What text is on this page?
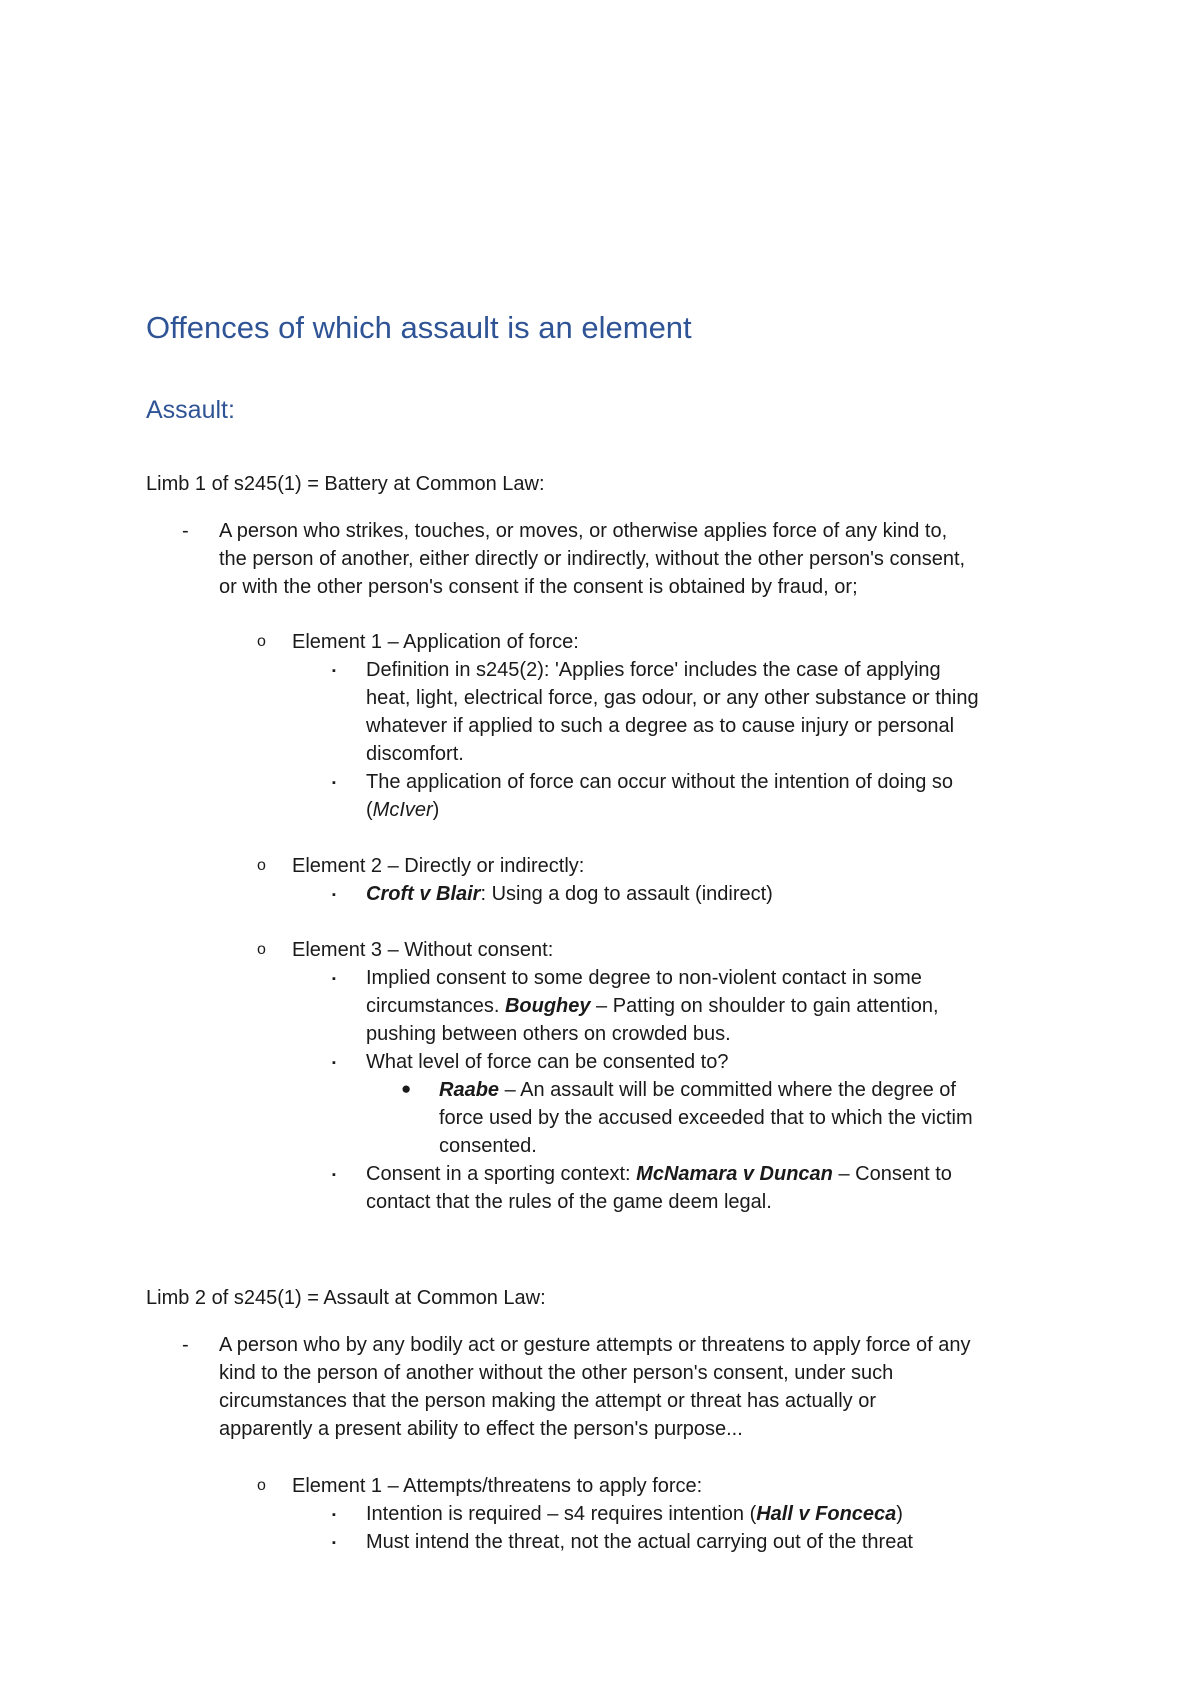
Offences of which assault is an element
Assault:
Limb 1 of s245(1) = Battery at Common Law:
- A person who strikes, touches, or moves, or otherwise applies force of any kind to,
the person of another, either directly or indirectly, without the other person's consent,
or with the other person's consent if the consent is obtained by fraud, or;
o Element 1 – Application of force:
▪ Definition in s245(2): 'Applies force' includes the case of applying
heat, light, electrical force, gas odour, or any other substance or thing
whatever if applied to such a degree as to cause injury or personal
discomfort.
▪ The application of force can occur without the intention of doing so
(McIver)
o Element 2 – Directly or indirectly:
▪ Croft v Blair: Using a dog to assault (indirect)
o Element 3 – Without consent:
▪ Implied consent to some degree to non-violent contact in some
circumstances. Boughey – Patting on shoulder to gain attention,
pushing between others on crowded bus.
▪ What level of force can be consented to?
● Raabe – An assault will be committed where the degree of
force used by the accused exceeded that to which the victim
consented.
▪ Consent in a sporting context: McNamara v Duncan – Consent to
contact that the rules of the game deem legal.
Limb 2 of s245(1) = Assault at Common Law:
- A person who by any bodily act or gesture attempts or threatens to apply force of any
kind to the person of another without the other person's consent, under such
circumstances that the person making the attempt or threat has actually or
apparently a present ability to effect the person's purpose...
o Element 1 – Attempts/threatens to apply force:
▪ Intention is required – s4 requires intention (Hall v Fonceca)
▪ Must intend the threat, not the actual carrying out of the threat
